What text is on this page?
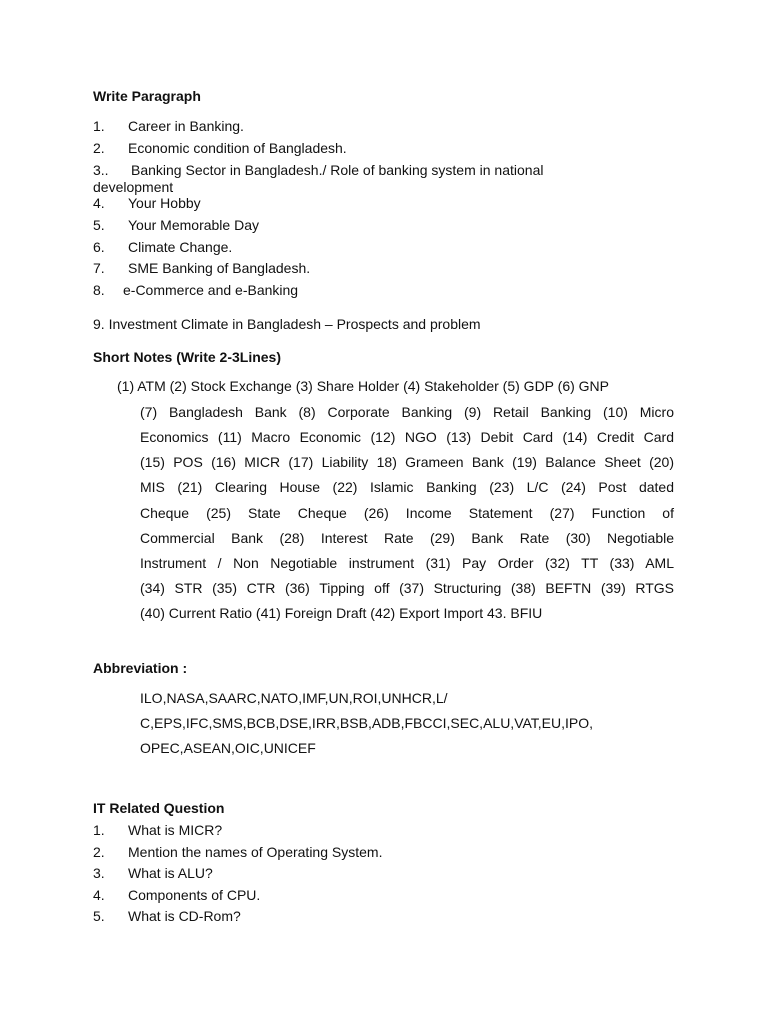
Write Paragraph
1. Career in Banking.
2. Economic condition of Bangladesh.
3.. Banking Sector in Bangladesh./ Role of banking system in national
development
4. Your Hobby
5. Your Memorable Day
6. Climate Change.
7. SME Banking of Bangladesh.
8. e-Commerce and e-Banking
9. Investment Climate in Bangladesh – Prospects and problem
Short Notes (Write 2-3Lines)
(1) ATM (2) Stock Exchange (3) Share Holder (4) Stakeholder (5) GDP (6) GNP
(7) Bangladesh Bank (8) Corporate Banking (9) Retail Banking (10) Micro
Economics (11) Macro Economic (12) NGO (13) Debit Card (14) Credit Card
(15) POS (16) MICR (17) Liability 18) Grameen Bank (19) Balance Sheet (20)
MIS (21) Clearing House (22) Islamic Banking (23) L/C (24) Post dated
Cheque (25) State Cheque (26) Income Statement (27) Function of
Commercial Bank (28) Interest Rate (29) Bank Rate (30) Negotiable
Instrument / Non Negotiable instrument (31) Pay Order (32) TT (33) AML
(34) STR (35) CTR (36) Tipping off (37) Structuring (38) BEFTN (39) RTGS
(40) Current Ratio (41) Foreign Draft (42) Export Import 43. BFIU
Abbreviation :
ILO,NASA,SAARC,NATO,IMF,UN,ROI,UNHCR,L/
C,EPS,IFC,SMS,BCB,DSE,IRR,BSB,ADB,FBCCI,SEC,ALU,VAT,EU,IPO,
OPEC,ASEAN,OIC,UNICEF
IT Related Question
1. What is MICR?
2. Mention the names of Operating System.
3. What is ALU?
4. Components of CPU.
5. What is CD-Rom?
